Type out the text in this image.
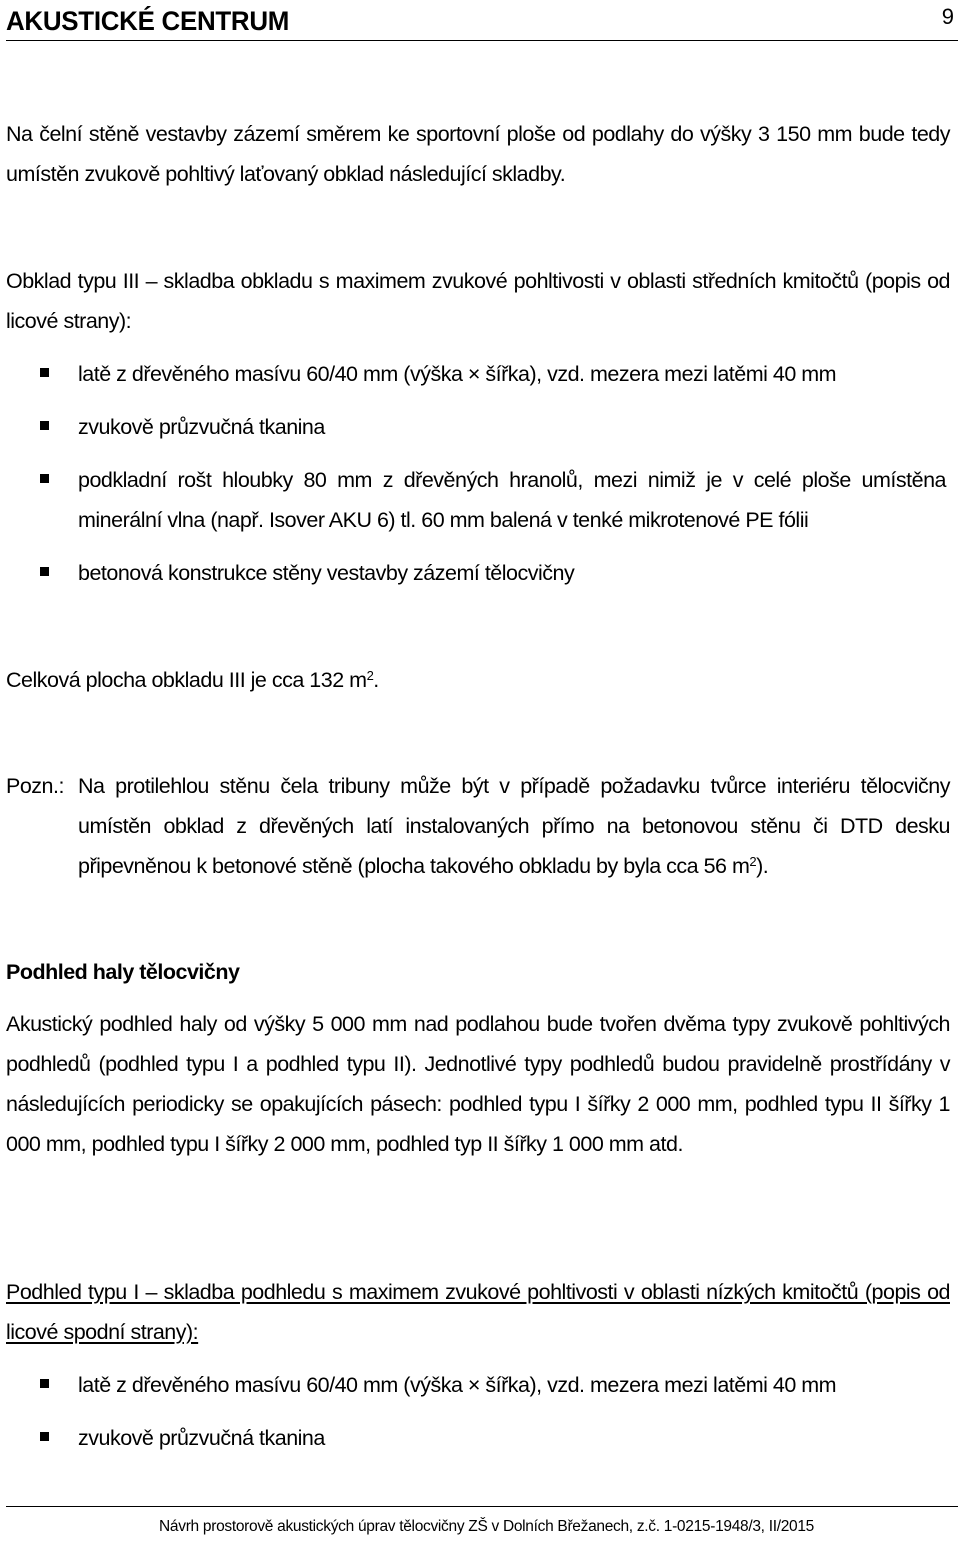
AKUSTICKÉ CENTRUM	9
Na čelní stěně vestavby zázemí směrem ke sportovní ploše od podlahy do výšky 3 150 mm bude tedy umístěn zvukově pohltivý laťovaný obklad následující skladby.
Obklad typu III – skladba obkladu s maximem zvukové pohltivosti v oblasti středních kmitočtů (popis od licové strany):
latě z dřevěného masívu 60/40 mm (výška × šířka), vzd. mezera mezi latěmi 40 mm
zvukově průzvučná tkanina
podkladní rošt hloubky 80 mm z dřevěných hranolů, mezi nimiž je v celé ploše umístěna minerální vlna (např. Isover AKU 6) tl. 60 mm balená v tenké mikrotenové PE fólii
betonová konstrukce stěny vestavby zázemí tělocvičny
Celková plocha obkladu III je cca 132 $m^2$.
Pozn.: Na protilehlou stěnu čela tribuny může být v případě požadavku tvůrce interiéru tělocvičny umístěn obklad z dřevěných latí instalovaných přímo na betonovou stěnu či DTD desku připevněnou k betonové stěně (plocha takového obkladu by byla cca 56 $m^2$).
Podhled haly tělocvičny
Akustický podhled haly od výšky 5 000 mm nad podlahou bude tvořen dvěma typy zvukově pohltivých podhledů (podhled typu I a podhled typu II). Jednotlivé typy podhledů budou pravidelně prostřídány v následujících periodicky se opakujících pásech: podhled typu I šířky 2 000 mm, podhled typu II šířky 1 000 mm, podhled typu I šířky 2 000 mm, podhled typ II šířky 1 000 mm atd.
Podhled typu I – skladba podhledu s maximem zvukové pohltivosti v oblasti nízkých kmitočtů (popis od licové spodní strany):
latě z dřevěného masívu 60/40 mm (výška × šířka), vzd. mezera mezi latěmi 40 mm
zvukově průzvučná tkanina
Návrh prostorově akustických úprav tělocvičny ZŠ v Dolních Břežanech, z.č. 1-0215-1948/3, II/2015
